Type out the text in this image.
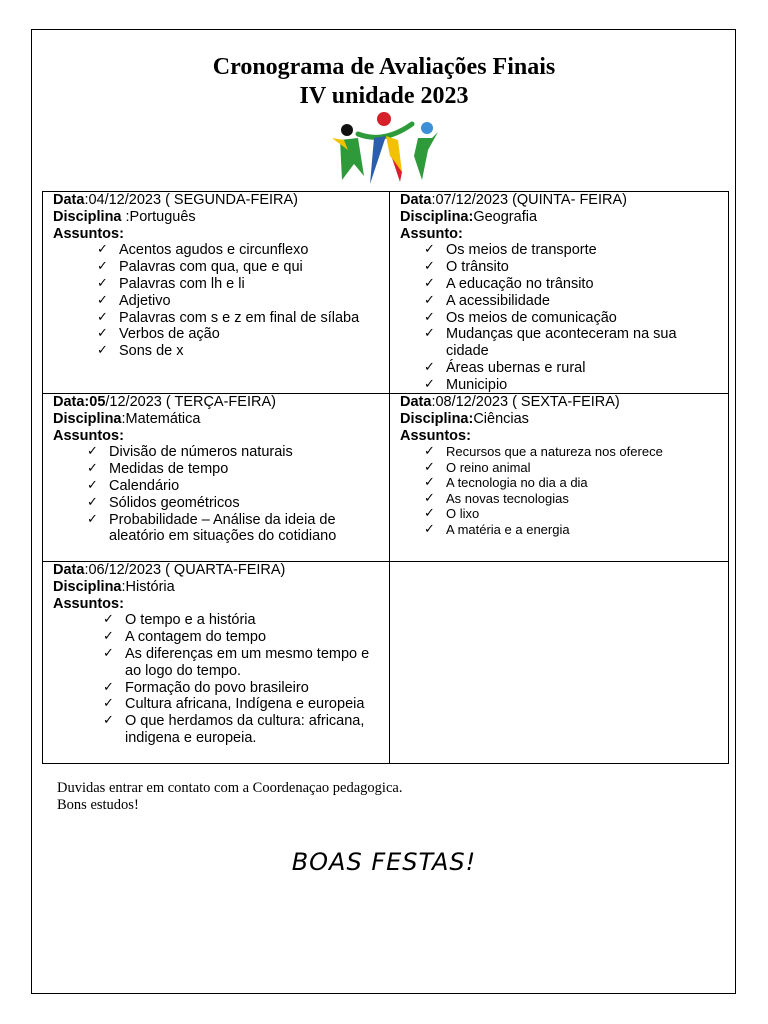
Cronograma de Avaliações Finais
IV unidade 2023
Data:04/12/2023 ( SEGUNDA-FEIRA)
Disciplina :Português
Assuntos:
✓ Acentos agudos e circunflexo
✓ Palavras com qua, que e qui
✓ Palavras com lh e li
✓ Adjetivo
✓ Palavras com s e z em final de sílaba
✓ Verbos de ação
✓ Sons de x
Data:07/12/2023 (QUINTA- FEIRA)
Disciplina:Geografia
Assunto:
✓ Os meios de transporte
✓ O trânsito
✓ A educação no trânsito
✓ A acessibilidade
✓ Os meios de comunicação
✓ Mudanças que aconteceram na sua cidade
✓ Áreas ubernas e rural
✓ Municipio
Data:05/12/2023 ( TERÇA-FEIRA)
Disciplina:Matemática
Assuntos:
✓ Divisão de números naturais
✓ Medidas de tempo
✓ Calendário
✓ Sólidos geométricos
✓ Probabilidade – Análise da ideia de aleatório em situações do cotidiano
Data:08/12/2023 ( SEXTA-FEIRA)
Disciplina:Ciências
Assuntos:
✓ Recursos que a natureza nos oferece
✓ O reino animal
✓ A tecnologia no dia a dia
✓ As novas tecnologias
✓ O lixo
✓ A matéria e a energia
Data:06/12/2023 ( QUARTA-FEIRA)
Disciplina:História
Assuntos:
✓ O tempo e a história
✓ A contagem do tempo
✓ As diferenças em um mesmo tempo e ao logo do tempo.
✓ Formação do povo brasileiro
✓ Cultura africana, Indígena e europeia
✓ O que herdamos da cultura: africana, indigena e europeia.
Duvidas entrar em contato com a Coordenaçao pedagogica.
Bons estudos!
BOAS FESTAS!
